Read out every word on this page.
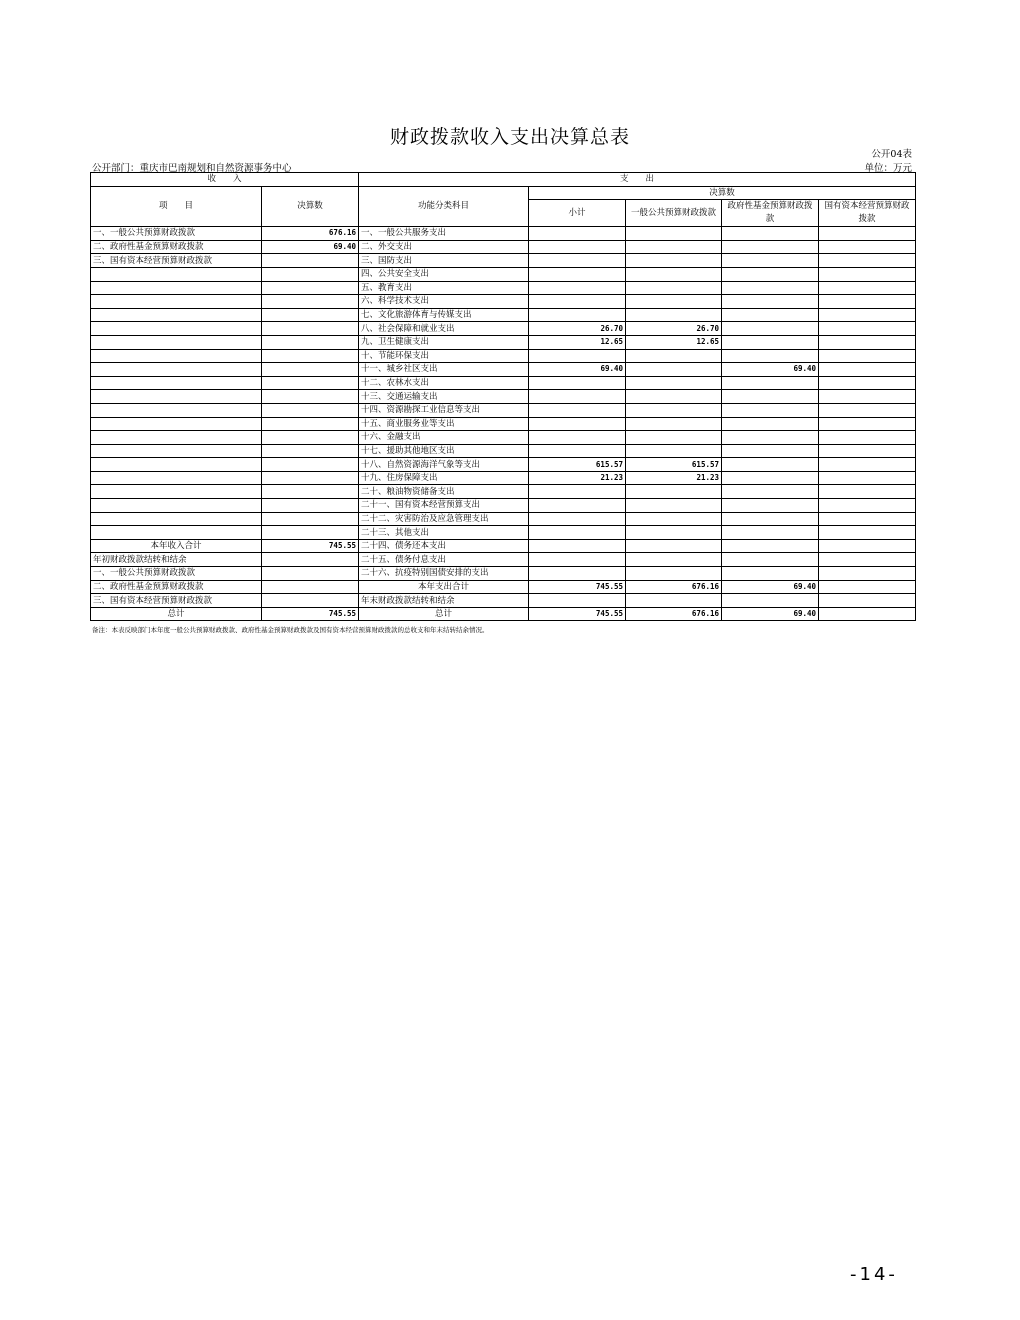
财政拨款收入支出决算总表
公开04表
公开部门：重庆市巴南规划和自然资源事务中心	单位：万元
收　　入		支　　出				
项　　目	决算数	功能分类科目	决算数			
			小计	一般公共预算财政拨款	政府性基金预算财政拨款	国有资本经营预算财政拨款

一、一般公共预算财政拨款	676.16	一、一般公共服务支出				
二、政府性基金预算财政拨款	69.40	二、外交支出				
三、国有资本经营预算财政拨款		三、国防支出				
		四、公共安全支出				
		五、教育支出				
		六、科学技术支出				
		七、文化旅游体育与传媒支出				
		八、社会保障和就业支出	26.70	26.70		
		九、卫生健康支出	12.65	12.65		
		十、节能环保支出				
		十一、城乡社区支出	69.40		69.40	
		十二、农林水支出				
		十三、交通运输支出				
		十四、资源勘探工业信息等支出				
		十五、商业服务业等支出				
		十六、金融支出				
		十七、援助其他地区支出				
		十八、自然资源海洋气象等支出	615.57	615.57		
		十九、住房保障支出	21.23	21.23		
		二十、粮油物资储备支出				
		二十一、国有资本经营预算支出				
		二十二、灾害防治及应急管理支出				
		二十三、其他支出				
本年收入合计	745.55	二十四、债务还本支出				
年初财政拨款结转和结余		二十五、债务付息支出				
一、一般公共预算财政拨款		二十六、抗疫特别国债安排的支出				
二、政府性基金预算财政拨款		本年支出合计	745.55	676.16	69.40	
三、国有资本经营预算财政拨款		年末财政拨款结转和结余				
总计	745.55	总计	745.55	676.16	69.40	
备注：本表反映部门本年度一般公共预算财政拨款、政府性基金预算财政拨款及国有资本经营预算财政拨款的总收支和年末结转结余情况。
-14-
